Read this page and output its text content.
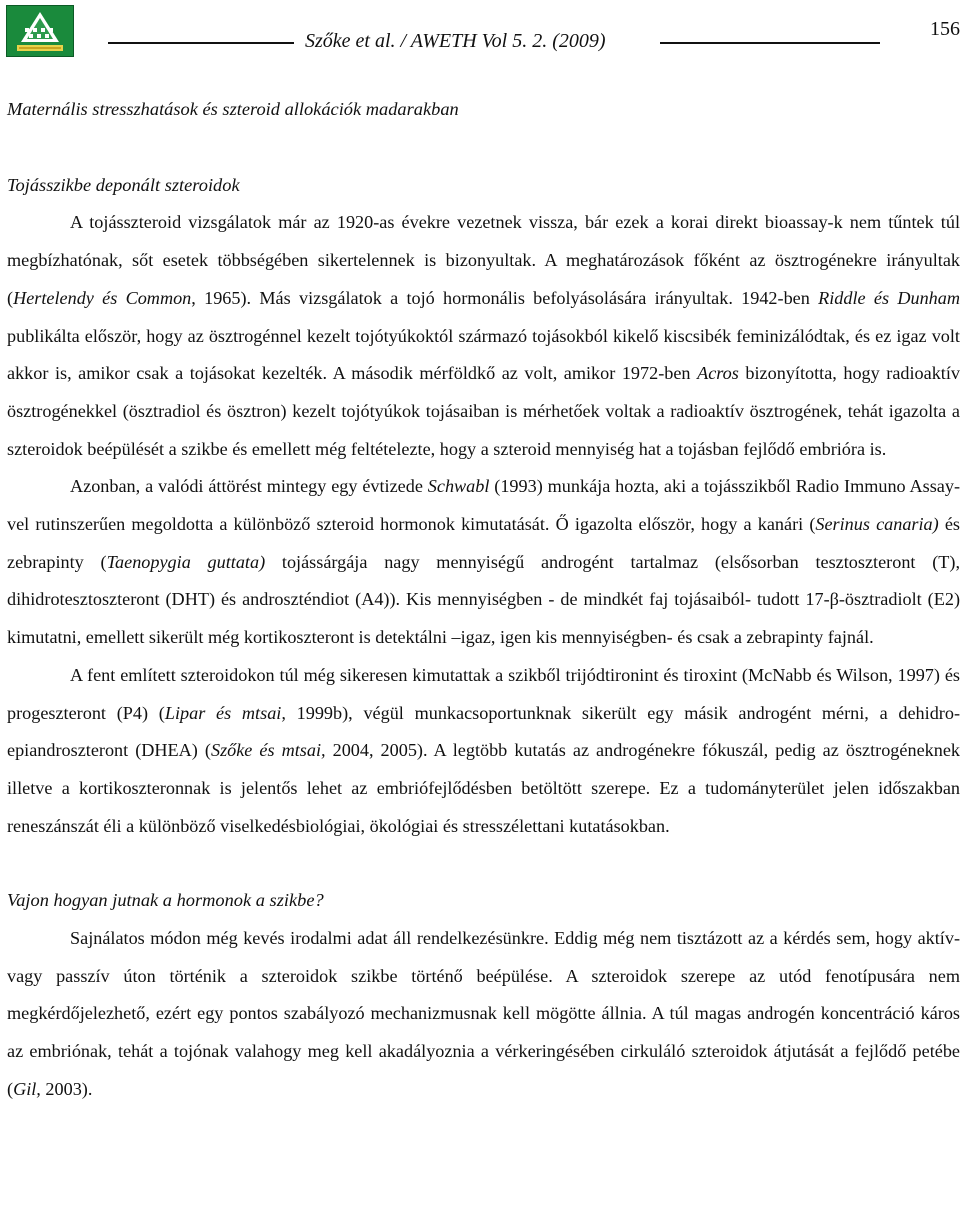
Szőke et al. / AWETH Vol 5. 2. (2009)
156
Maternális stresszhatások és szteroid allokációk madarakban
Tojásszikbe deponált szteroidok

A tojásszteroid vizsgálatok már az 1920-as évekre vezetnek vissza, bár ezek a korai direkt bioassay-k nem tűntek túl megbízhatónak, sőt esetek többségében sikertelennek is bizonyultak. A meghatározások főként az ösztrogénekre irányultak (Hertelendy és Common, 1965). Más vizsgálatok a tojó hormonális befolyásolására irányultak. 1942-ben Riddle és Dunham publikálta először, hogy az ösztrogénnel kezelt tojótyúkoktól származó tojásokból kikelő kiscsibék feminizálódtak, és ez igaz volt akkor is, amikor csak a tojásokat kezelték. A második mérföldkő az volt, amikor 1972-ben Acros bizonyította, hogy radioaktív ösztrogénekkel (ösztradiol és ösztron) kezelt tojótyúkok tojásaiban is mérhetőek voltak a radioaktív ösztrogének, tehát igazolta a szteroidok beépülését a szikbe és emellett még feltételezte, hogy a szteroid mennyiség hat a tojásban fejlődő embrióra is.

Azonban, a valódi áttörést mintegy egy évtizede Schwabl (1993) munkája hozta, aki a tojásszikből Radio Immuno Assay-vel rutinszerűen megoldotta a különböző szteroid hormonok kimutatását. Ő igazolta először, hogy a kanári (Serinus canaria) és zebrapinty (Taenopygia guttata) tojássárgája nagy mennyiségű androgént tartalmaz (elsősorban tesztoszteront (T), dihidrotesztoszteront (DHT) és androszténdiot (A4)). Kis mennyiségben - de mindkét faj tojásaiból- tudott 17-β-ösztradiolt (E2) kimutatni, emellett sikerült még kortikoszteront is detektálni –igaz, igen kis mennyiségben- és csak a zebrapinty fajnál.

A fent említett szteroidokon túl még sikeresen kimutattak a szikből trijódtironint és tiroxint (McNabb és Wilson, 1997) és progeszteront (P4) (Lipar és mtsai, 1999b), végül munkacsoportunknak sikerült egy másik androgént mérni, a dehidro-epiandroszteront (DHEA) (Szőke és mtsai, 2004, 2005). A legtöbb kutatás az androgénekre fókuszál, pedig az ösztrogéneknek illetve a kortikoszteronnak is jelentős lehet az embriófejlődésben betöltött szerepe. Ez a tudományterület jelen időszakban reneszánszát éli a különböző viselkedésbiológiai, ökológiai és stresszélettani kutatásokban.

Vajon hogyan jutnak a hormonok a szikbe?

Sajnálatos módon még kevés irodalmi adat áll rendelkezésünkre. Eddig még nem tisztázott az a kérdés sem, hogy aktív- vagy passzív úton történik a szteroidok szikbe történő beépülése. A szteroidok szerepe az utód fenotípusára nem megkérdőjelezhető, ezért egy pontos szabályozó mechanizmusnak kell mögötte állnia. A túl magas androgén koncentráció káros az embriónak, tehát a tojónak valahogy meg kell akadályoznia a vérkeringésében cirkuláló szteroidok átjutását a fejlődő petébe (Gil, 2003).
